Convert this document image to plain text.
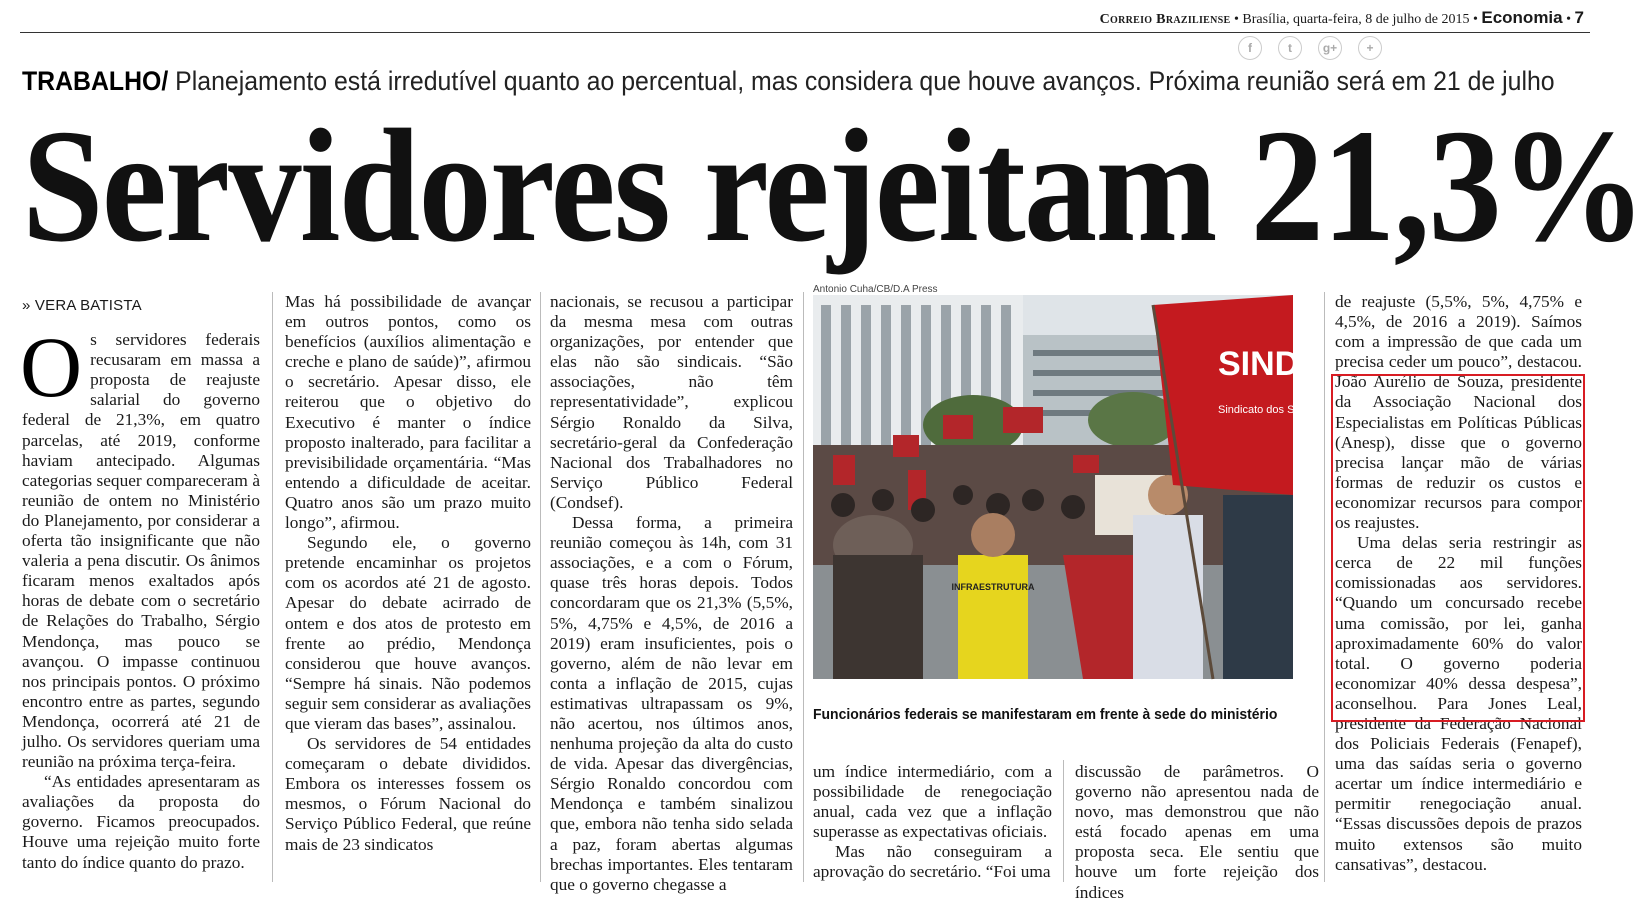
Correio Braziliense • Brasília, quarta-feira, 8 de julho de 2015 • Economia • 7
f	t	g+	+
TRABALHO/ Planejamento está irredutível quanto ao percentual, mas considera que houve avanços. Próxima reunião será em 21 de julho
Servidores rejeitam 21,3%

» VERA BATISTA

Os servidores federais recusaram em massa a proposta de reajuste salarial do governo federal de 21,3%, em quatro parcelas, até 2019, conforme haviam antecipado. Algumas categorias sequer compareceram à reunião de ontem no Ministério do Planejamento, por considerar a oferta tão insignificante que não valeria a pena discutir. Os ânimos ficaram menos exaltados após horas de debate com o secretário de Relações do Trabalho, Sérgio Mendonça, mas pouco se avançou. O impasse continuou nos principais pontos. O próximo encontro entre as partes, segundo Mendonça, ocorrerá até 21 de julho. Os servidores queriam uma reunião na próxima terça-feira.

“As entidades apresentaram as avaliações da proposta do governo. Ficamos preocupados. Houve uma rejeição muito forte tanto do índice quanto do prazo.

Mas há possibilidade de avançar em outros pontos, como os benefícios (auxílios alimentação e creche e plano de saúde)”, afirmou o secretário. Apesar disso, ele reiterou que o objetivo do Executivo é manter o índice proposto inalterado, para facilitar a previsibilidade orçamentária. “Mas entendo a dificuldade de aceitar. Quatro anos são um prazo muito longo”, afirmou.

Segundo ele, o governo pretende encaminhar os projetos com os acordos até 21 de agosto. Apesar do debate acirrado de ontem e dos atos de protesto em frente ao prédio, Mendonça considerou que houve avanços. “Sempre há sinais. Não podemos seguir sem considerar as avaliações que vieram das bases”, assinalou.

Os servidores de 54 entidades começaram o debate divididos. Embora os interesses fossem os mesmos, o Fórum Nacional do Serviço Público Federal, que reúne mais de 23 sindicatos

nacionais, se recusou a participar da mesma mesa com outras organizações, por entender que elas não são sindicais. “São associações, não têm representatividade”, explicou Sérgio Ronaldo da Silva, secretário-geral da Confederação Nacional dos Trabalhadores no Serviço Público Federal (Condsef).

Dessa forma, a primeira reunião começou às 14h, com 31 associações, e a com o Fórum, quase três horas depois. Todos concordaram que os 21,3% (5,5%, 5%, 4,75% e 4,5%, de 2016 a 2019) eram insuficientes, pois o governo, além de não levar em conta a inflação de 2015, cujas estimativas ultrapassam os 9%, não acertou, nos últimos anos, nenhuma projeção da alta do custo de vida. Apesar das divergências, Sérgio Ronaldo concordou com Mendonça e também sinalizou que, embora não tenha sido selada a paz, foram abertas algumas brechas importantes. Eles tentaram que o governo chegasse a

Antonio Cuha/CB/D.A Press
INFRAESTRUTURA
SINDS
Sindicato dos S
Funcionários federais se manifestaram em frente à sede do ministério

um índice intermediário, com a possibilidade de renegociação anual, cada vez que a inflação superasse as expectativas oficiais.

Mas não conseguiram a aprovação do secretário. “Foi uma

discussão de parâmetros. O governo não apresentou nada de novo, mas demonstrou que não está focado apenas em uma proposta seca. Ele sentiu que houve um forte rejeição dos índices

de reajuste (5,5%, 5%, 4,75% e 4,5%, de 2016 a 2019). Saímos com a impressão de que cada um precisa ceder um pouco”, destacou. João Aurélio de Souza, presidente da Associação Nacional dos Especialistas em Políticas Públicas (Anesp), disse que o governo precisa lançar mão de várias formas de reduzir os custos e economizar recursos para compor os reajustes.

Uma delas seria restringir as cerca de 22 mil funções comissionadas aos servidores. “Quando um concursado recebe uma comissão, por lei, ganha aproximadamente 60% do valor total. O governo poderia economizar 40% dessa despesa”, aconselhou. Para Jones Leal, presidente da Federação Nacional dos Policiais Federais (Fenapef), uma das saídas seria o governo acertar um índice intermediário e permitir renegociação anual. “Essas discussões depois de prazos muito extensos são muito cansativas”, destacou.
